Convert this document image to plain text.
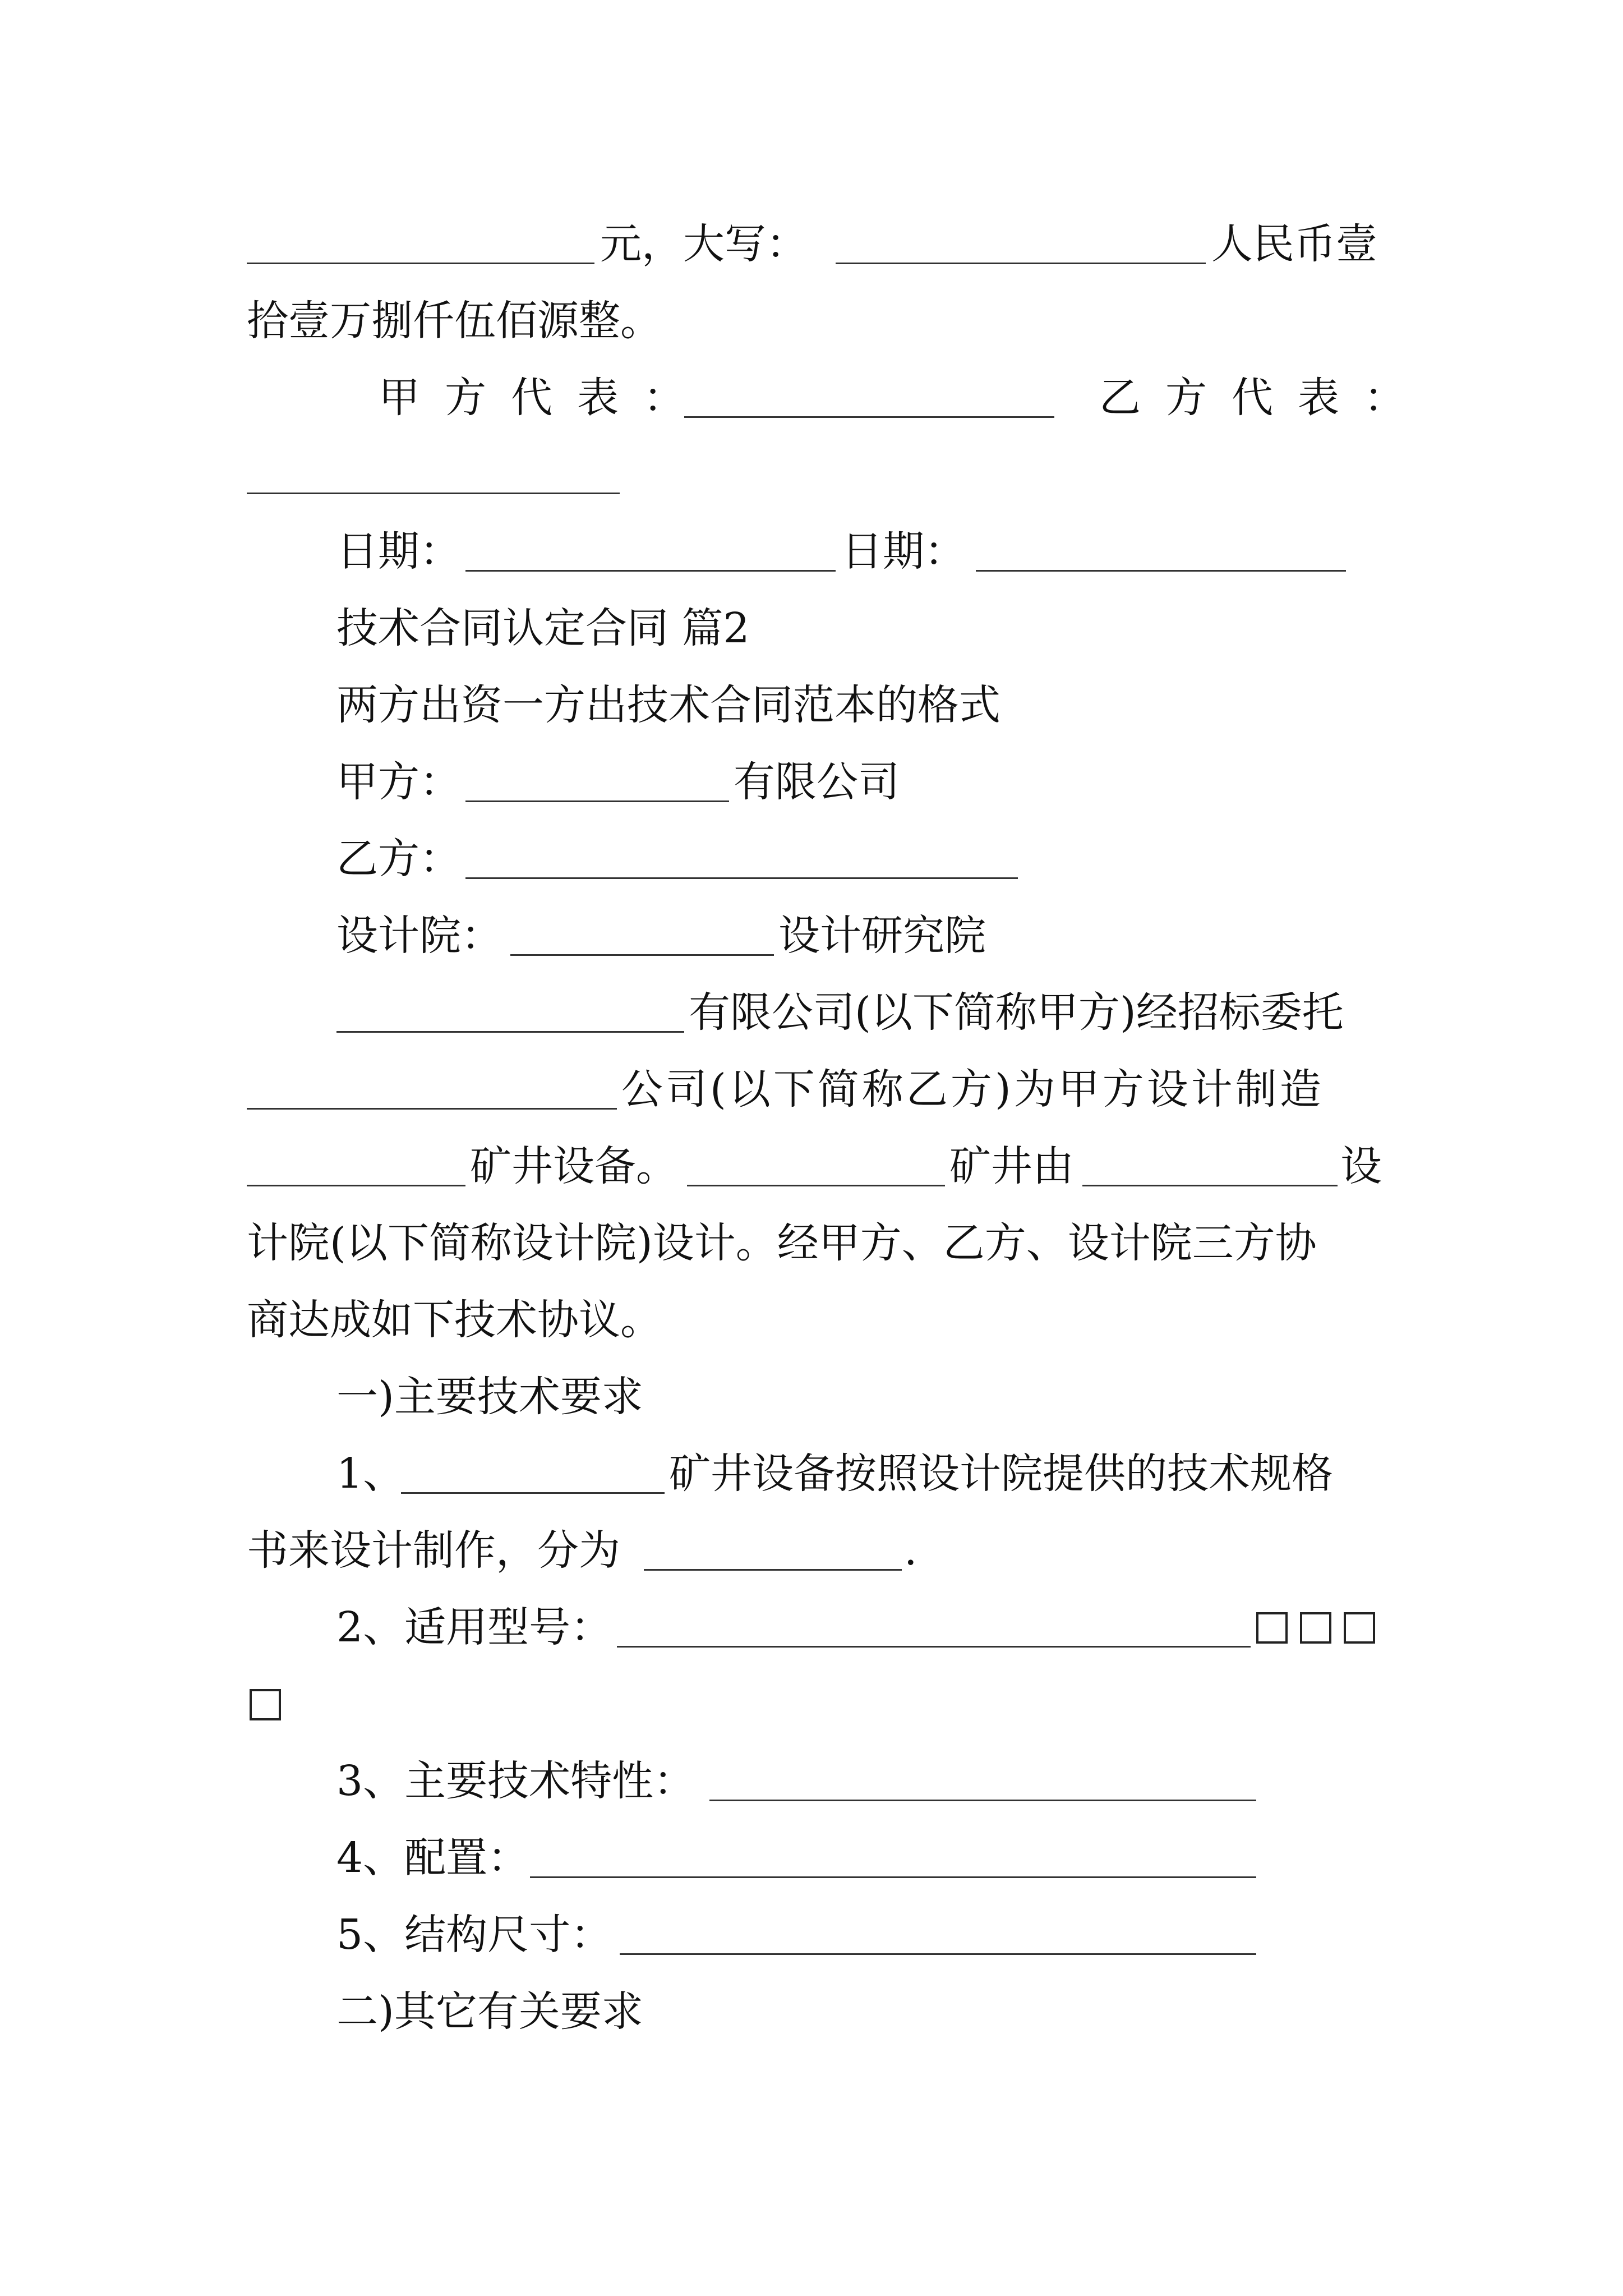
元，大写：	人民币壹
拾壹万捌仟伍佰源整。
甲方代表：	乙方代表：
日期：	日期：
技术合同认定合同 篇2
两方出资一方出技术合同范本的格式
甲方：	有限公司
乙方：
设计院：	设计研究院
有限公司(以下简称甲方)经招标委托
公司(以下简称乙方)为甲方设计制造
矿井设备。	矿井由	设
计院(以下简称设计院)设计。经甲方、乙方、设计院三方协
商达成如下技术协议。
一)主要技术要求
1、	矿井设备按照设计院提供的技术规格
书来设计制作，分为	.
2、适用型号：
3、主要技术特性：
4、配置：
5、结构尺寸：
二)其它有关要求
